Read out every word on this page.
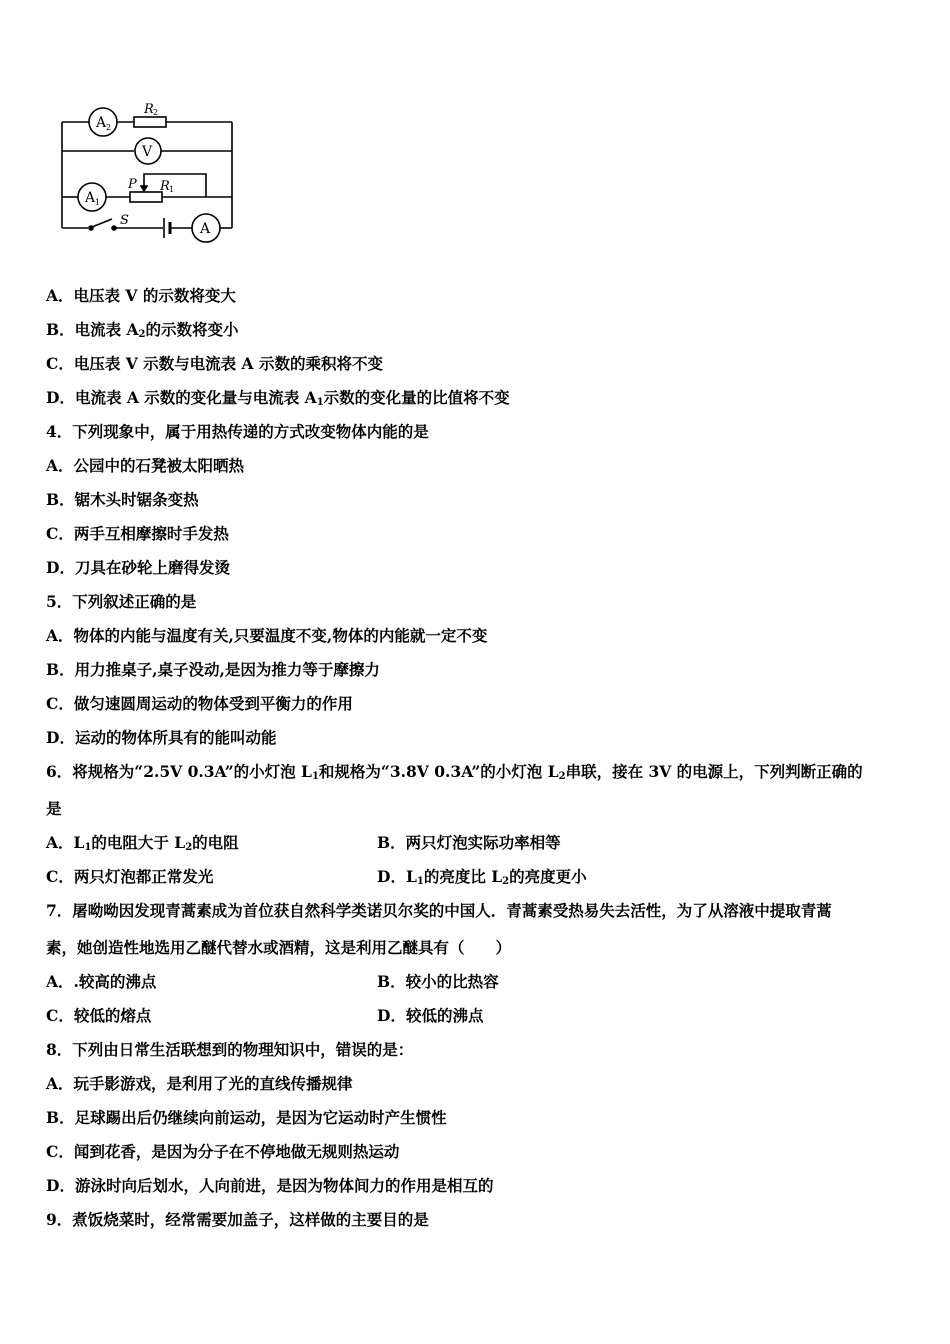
A 2
R 2
V
A 1
P R 1
S
A
A．电压表 V 的示数将变大
B．电流表 $A_2$的示数将变小
C．电压表 V 示数与电流表 A 示数的乘积将不变
D．电流表 A 示数的变化量与电流表 $A_1$示数的变化量的比值将不变
4．下列现象中，属于用热传递的方式改变物体内能的是
A．公园中的石凳被太阳晒热
B．锯木头时锯条变热
C．两手互相摩擦时手发热
D．刀具在砂轮上磨得发烫
5．下列叙述正确的是
A．物体的内能与温度有关,只要温度不变,物体的内能就一定不变
B．用力推桌子,桌子没动,是因为推力等于摩擦力
C．做匀速圆周运动的物体受到平衡力的作用
D．运动的物体所具有的能叫动能
6．将规格为“2.5V 0.3A”的小灯泡 $L_1$和规格为“3.8V 0.3A”的小灯泡 $L_2$串联，接在 3V 的电源上，下列判断正确的
是
A．$L_1$的电阻大于 $L_2$的电阻	B．两只灯泡实际功率相等
C．两只灯泡都正常发光	D．$L_1$的亮度比 $L_2$的亮度更小
7．屠呦呦因发现青蒿素成为首位获自然科学类诺贝尔奖的中国人．青蒿素受热易失去活性，为了从溶液中提取青蒿
素，她创造性地选用乙醚代替水或酒精，这是利用乙醚具有（　　）
A．.较高的沸点	B．较小的比热容
C．较低的熔点	D．较低的沸点
8．下列由日常生活联想到的物理知识中，错误的是：
A．玩手影游戏，是利用了光的直线传播规律
B．足球踢出后仍继续向前运动，是因为它运动时产生惯性
C．闻到花香，是因为分子在不停地做无规则热运动
D．游泳时向后划水，人向前进，是因为物体间力的作用是相互的
9．煮饭烧菜时，经常需要加盖子，这样做的主要目的是
